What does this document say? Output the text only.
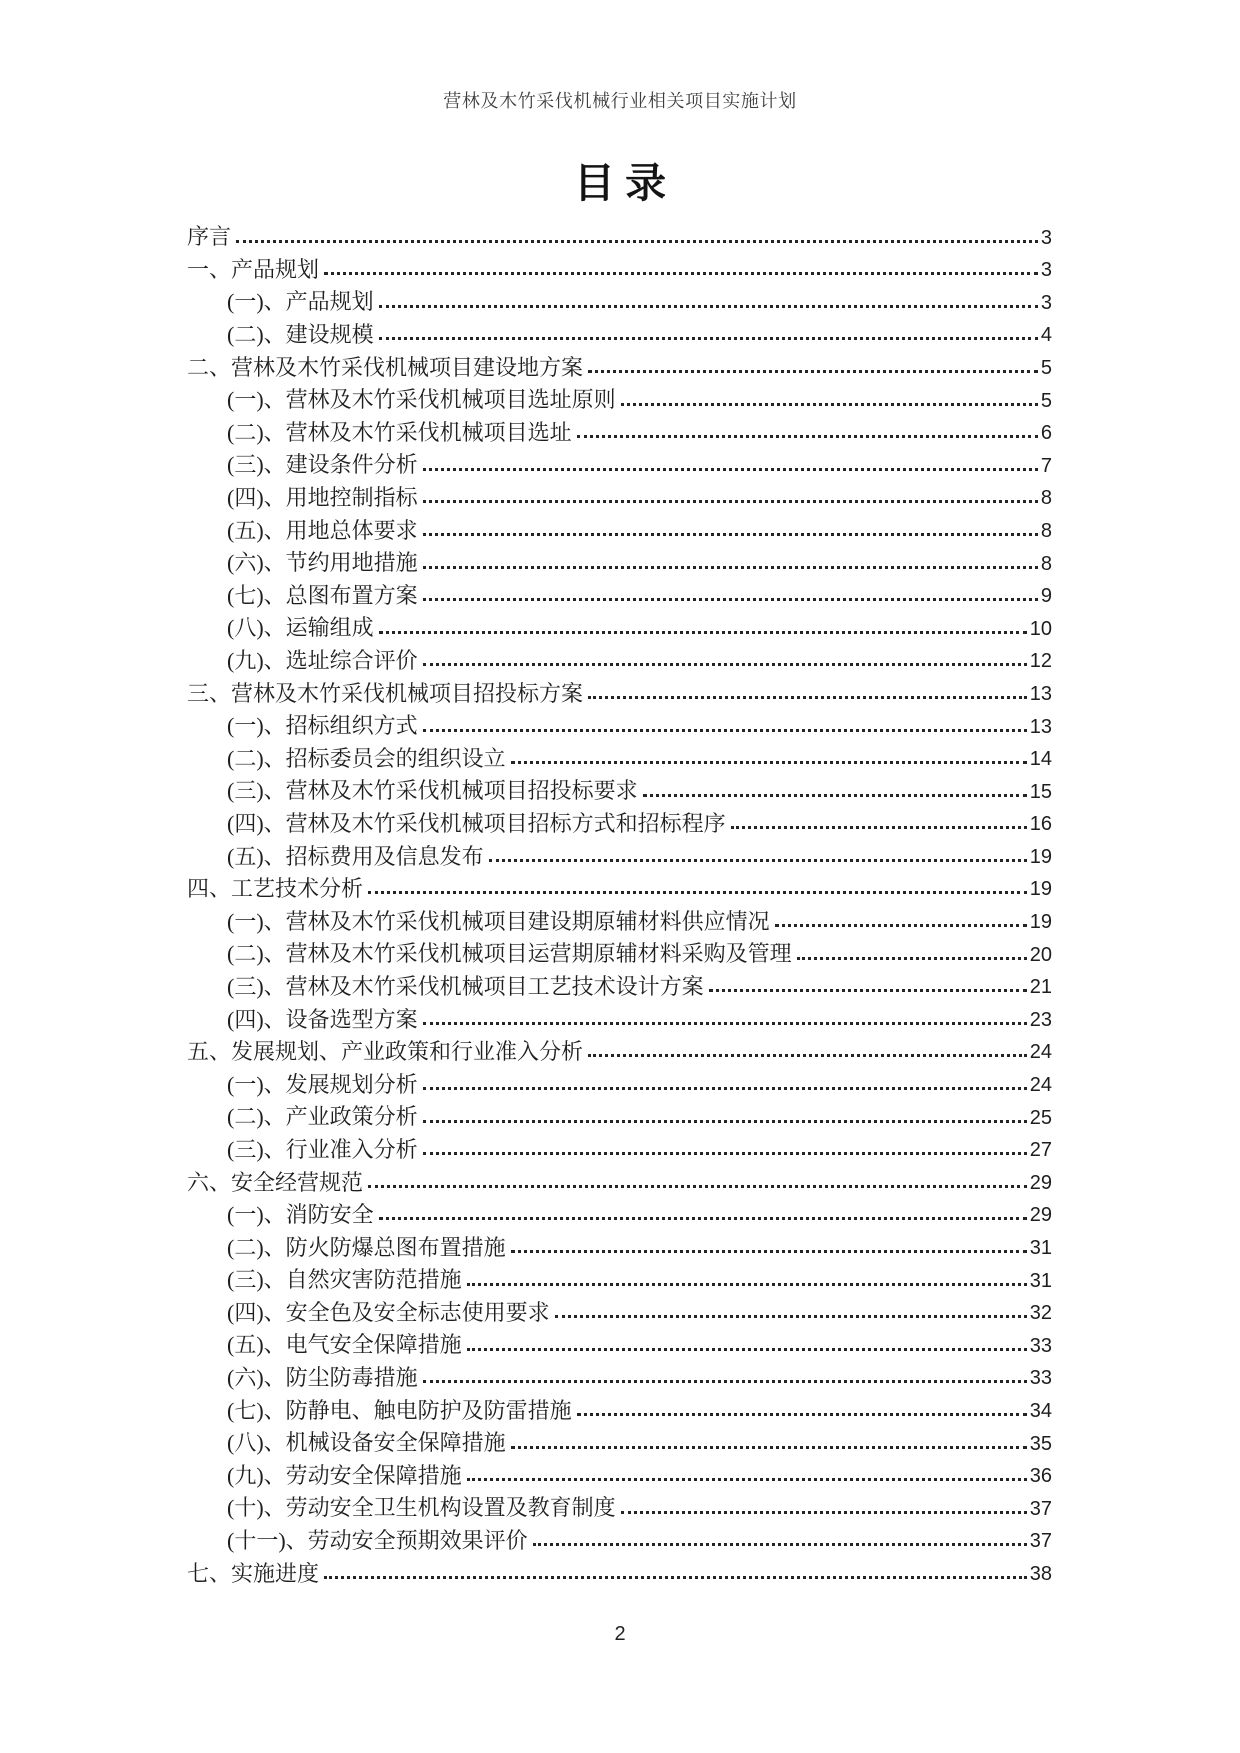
营林及木竹采伐机械行业相关项目实施计划
目 录
序言	3
一、产品规划	3
(一)、产品规划	3
(二)、建设规模	4
二、营林及木竹采伐机械项目建设地方案	5
(一)、营林及木竹采伐机械项目选址原则	5
(二)、营林及木竹采伐机械项目选址	6
(三)、建设条件分析	7
(四)、用地控制指标	8
(五)、用地总体要求	8
(六)、节约用地措施	8
(七)、总图布置方案	9
(八)、运输组成	10
(九)、选址综合评价	12
三、营林及木竹采伐机械项目招投标方案	13
(一)、招标组织方式	13
(二)、招标委员会的组织设立	14
(三)、营林及木竹采伐机械项目招投标要求	15
(四)、营林及木竹采伐机械项目招标方式和招标程序	16
(五)、招标费用及信息发布	19
四、工艺技术分析	19
(一)、营林及木竹采伐机械项目建设期原辅材料供应情况	19
(二)、营林及木竹采伐机械项目运营期原辅材料采购及管理	20
(三)、营林及木竹采伐机械项目工艺技术设计方案	21
(四)、设备选型方案	23
五、发展规划、产业政策和行业准入分析	24
(一)、发展规划分析	24
(二)、产业政策分析	25
(三)、行业准入分析	27
六、安全经营规范	29
(一)、消防安全	29
(二)、防火防爆总图布置措施	31
(三)、自然灾害防范措施	31
(四)、安全色及安全标志使用要求	32
(五)、电气安全保障措施	33
(六)、防尘防毒措施	33
(七)、防静电、触电防护及防雷措施	34
(八)、机械设备安全保障措施	35
(九)、劳动安全保障措施	36
(十)、劳动安全卫生机构设置及教育制度	37
(十一)、劳动安全预期效果评价	37
七、实施进度	38
2
